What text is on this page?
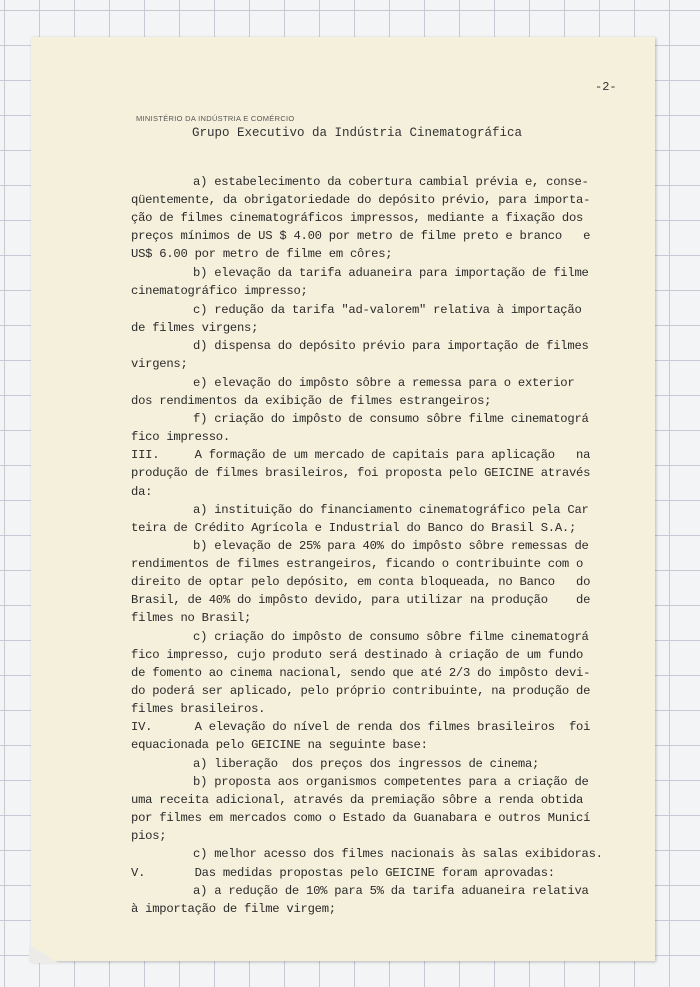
-2-
MINISTÉRIO DA INDÚSTRIA E COMÉRCIO
Grupo Executivo da Indústria Cinematográfica
a) estabelecimento da cobertura cambial prévia e, conse-
qüentemente, da obrigatoriedade do depósito prévio, para importa-
ção de filmes cinematográficos impressos, mediante a fixação dos
preços mínimos de US $ 4.00 por metro de filme preto e branco   e
US$ 6.00 por metro de filme em côres;
b) elevação da tarifa aduaneira para importação de filme
cinematográfico impresso;
c) redução da tarifa "ad-valorem" relativa à importação
de filmes virgens;
d) dispensa do depósito prévio para importação de filmes
virgens;
e) elevação do impôsto sôbre a remessa para o exterior
dos rendimentos da exibição de filmes estrangeiros;
f) criação do impôsto de consumo sôbre filme cinematográ
fico impresso.
III.     A formação de um mercado de capitais para aplicação   na
produção de filmes brasileiros, foi proposta pelo GEICINE através
da:
a) instituição do financiamento cinematográfico pela Car
teira de Crédito Agrícola e Industrial do Banco do Brasil S.A.;
b) elevação de 25% para 40% do impôsto sôbre remessas de
rendimentos de filmes estrangeiros, ficando o contribuinte com o
direito de optar pelo depósito, em conta bloqueada, no Banco   do
Brasil, de 40% do impôsto devido, para utilizar na produção    de
filmes no Brasil;
c) criação do impôsto de consumo sôbre filme cinematográ
fico impresso, cujo produto será destinado à criação de um fundo
de fomento ao cinema nacional, sendo que até 2/3 do impôsto devi-
do poderá ser aplicado, pelo próprio contribuinte, na produção de
filmes brasileiros.
IV.      A elevação do nível de renda dos filmes brasileiros  foi
equacionada pelo GEICINE na seguinte base:
a) liberação  dos preços dos ingressos de cinema;
b) proposta aos organismos competentes para a criação de
uma receita adicional, através da premiação sôbre a renda obtida
por filmes em mercados como o Estado da Guanabara e outros Municí
pios;
c) melhor acesso dos filmes nacionais às salas exibidoras.
V.       Das medidas propostas pelo GEICINE foram aprovadas:
a) a redução de 10% para 5% da tarifa aduaneira relativa
à importação de filme virgem;
